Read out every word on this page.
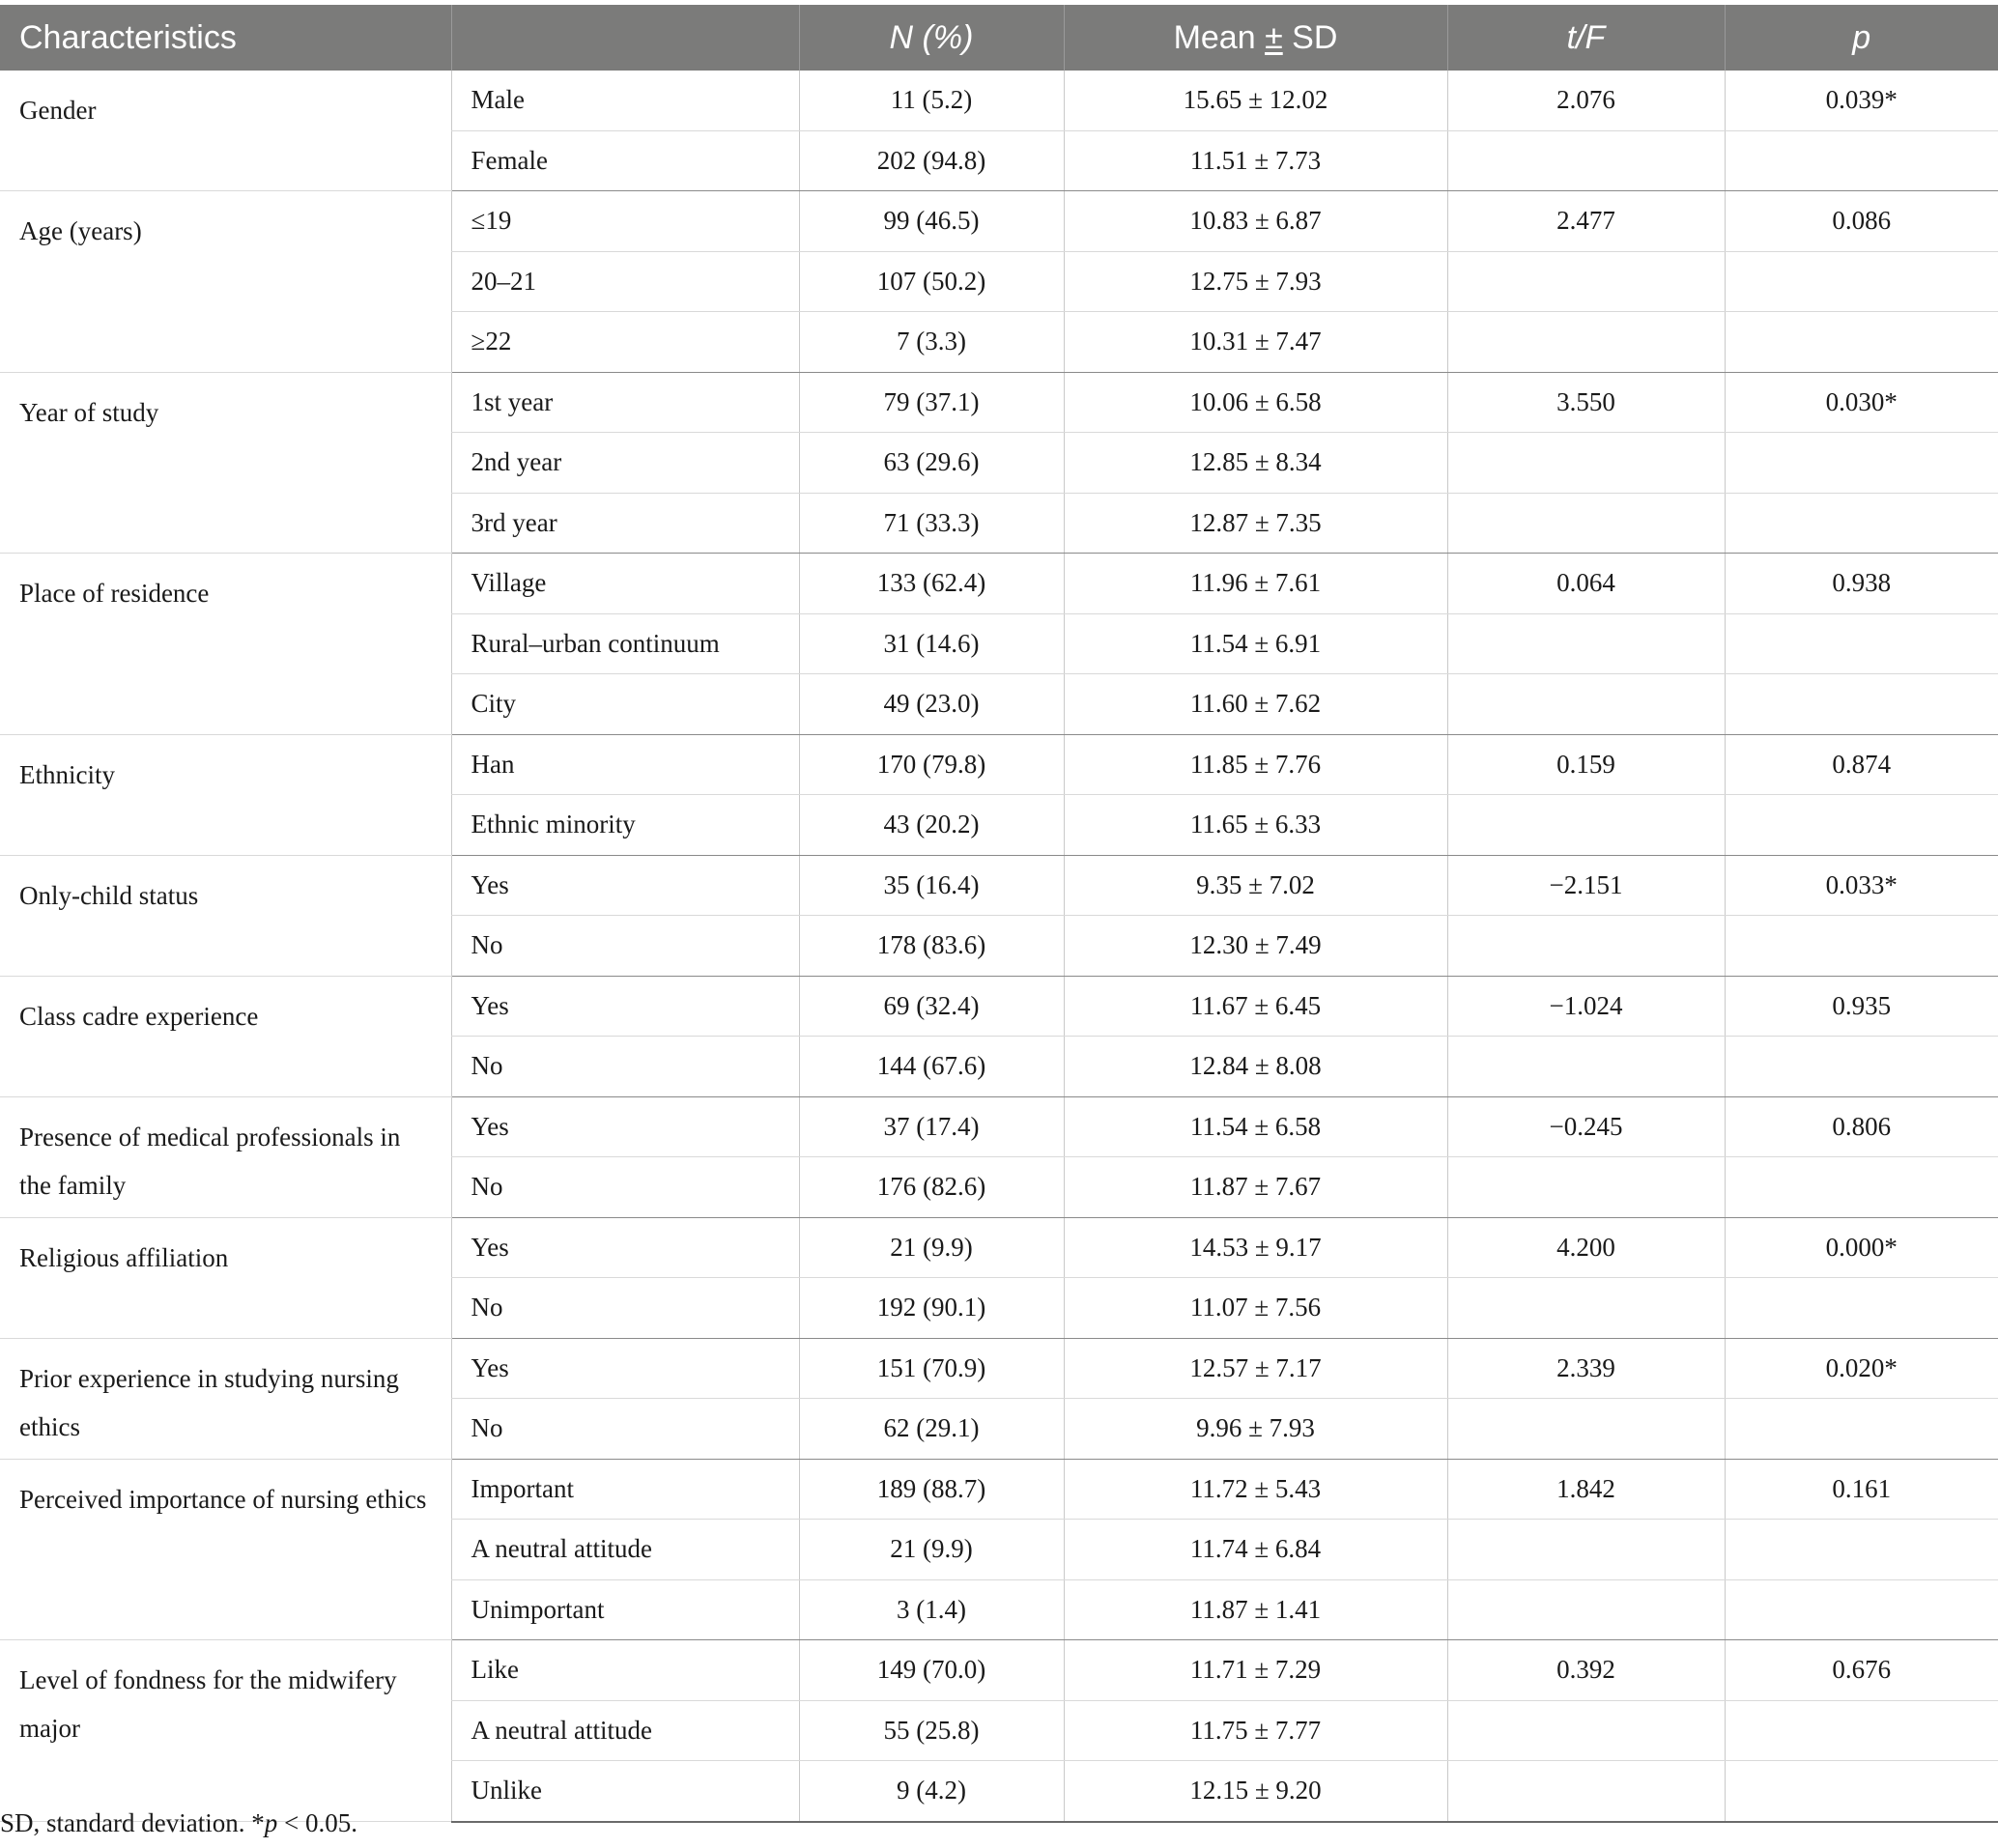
Characteristics		N (%)	Mean ± SD	t/F	p
Gender	Male	11 (5.2)	15.65 ± 12.02	2.076	0.039*
	Female	202 (94.8)	11.51 ± 7.73		
Age (years)	≤19	99 (46.5)	10.83 ± 6.87	2.477	0.086
	20–21	107 (50.2)	12.75 ± 7.93		
	≥22	7 (3.3)	10.31 ± 7.47		
Year of study	1st year	79 (37.1)	10.06 ± 6.58	3.550	0.030*
	2nd year	63 (29.6)	12.85 ± 8.34		
	3rd year	71 (33.3)	12.87 ± 7.35		
Place of residence	Village	133 (62.4)	11.96 ± 7.61	0.064	0.938
	Rural–urban continuum	31 (14.6)	11.54 ± 6.91		
	City	49 (23.0)	11.60 ± 7.62		
Ethnicity	Han	170 (79.8)	11.85 ± 7.76	0.159	0.874
	Ethnic minority	43 (20.2)	11.65 ± 6.33		
Only-child status	Yes	35 (16.4)	9.35 ± 7.02	−2.151	0.033*
	No	178 (83.6)	12.30 ± 7.49		
Class cadre experience	Yes	69 (32.4)	11.67 ± 6.45	−1.024	0.935
	No	144 (67.6)	12.84 ± 8.08		
Presence of medical professionals in the family	Yes	37 (17.4)	11.54 ± 6.58	−0.245	0.806
	No	176 (82.6)	11.87 ± 7.67		
Religious affiliation	Yes	21 (9.9)	14.53 ± 9.17	4.200	0.000*
	No	192 (90.1)	11.07 ± 7.56		
Prior experience in studying nursing ethics	Yes	151 (70.9)	12.57 ± 7.17	2.339	0.020*
	No	62 (29.1)	9.96 ± 7.93		
Perceived importance of nursing ethics	Important	189 (88.7)	11.72 ± 5.43	1.842	0.161
	A neutral attitude	21 (9.9)	11.74 ± 6.84		
	Unimportant	3 (1.4)	11.87 ± 1.41		
Level of fondness for the midwifery major	Like	149 (70.0)	11.71 ± 7.29	0.392	0.676
	A neutral attitude	55 (25.8)	11.75 ± 7.77		
	Unlike	9 (4.2)	12.15 ± 9.20		
SD, standard deviation. *p < 0.05.
